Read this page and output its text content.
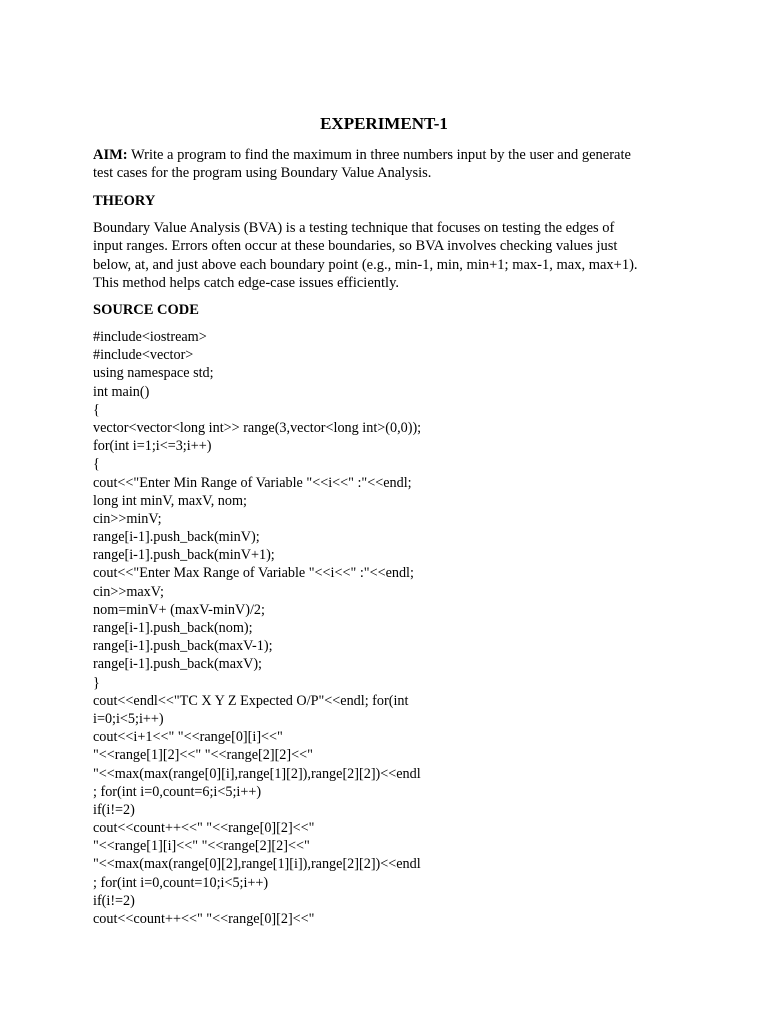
EXPERIMENT-1
AIM: Write a program to find the maximum in three numbers input by the user and generate
test cases for the program using Boundary Value Analysis.
THEORY
Boundary Value Analysis (BVA) is a testing technique that focuses on testing the edges of
input ranges. Errors often occur at these boundaries, so BVA involves checking values just
below, at, and just above each boundary point (e.g., min-1, min, min+1; max-1, max, max+1).
This method helps catch edge-case issues efficiently.
SOURCE CODE
#include<iostream>
#include<vector>
using namespace std;
int main()
{
vector<vector<long int>> range(3,vector<long int>(0,0));
for(int i=1;i<=3;i++)
{
cout<<"Enter Min Range of Variable "<<i<<" :"<<endl;
long int minV, maxV, nom;
cin>>minV;
range[i-1].push_back(minV);
range[i-1].push_back(minV+1);
cout<<"Enter Max Range of Variable "<<i<<" :"<<endl;
cin>>maxV;
nom=minV+ (maxV-minV)/2;
range[i-1].push_back(nom);
range[i-1].push_back(maxV-1);
range[i-1].push_back(maxV);
}
cout<<endl<<"TC X Y Z Expected O/P"<<endl; for(int
i=0;i<5;i++)
cout<<i+1<<" "<<range[0][i]<<"
"<<range[1][2]<<" "<<range[2][2]<<"
"<<max(max(range[0][i],range[1][2]),range[2][2])<<endl
; for(int i=0,count=6;i<5;i++)
if(i!=2)
cout<<count++<<" "<<range[0][2]<<"
"<<range[1][i]<<" "<<range[2][2]<<"
"<<max(max(range[0][2],range[1][i]),range[2][2])<<endl
; for(int i=0,count=10;i<5;i++)
if(i!=2)
cout<<count++<<" "<<range[0][2]<<"
